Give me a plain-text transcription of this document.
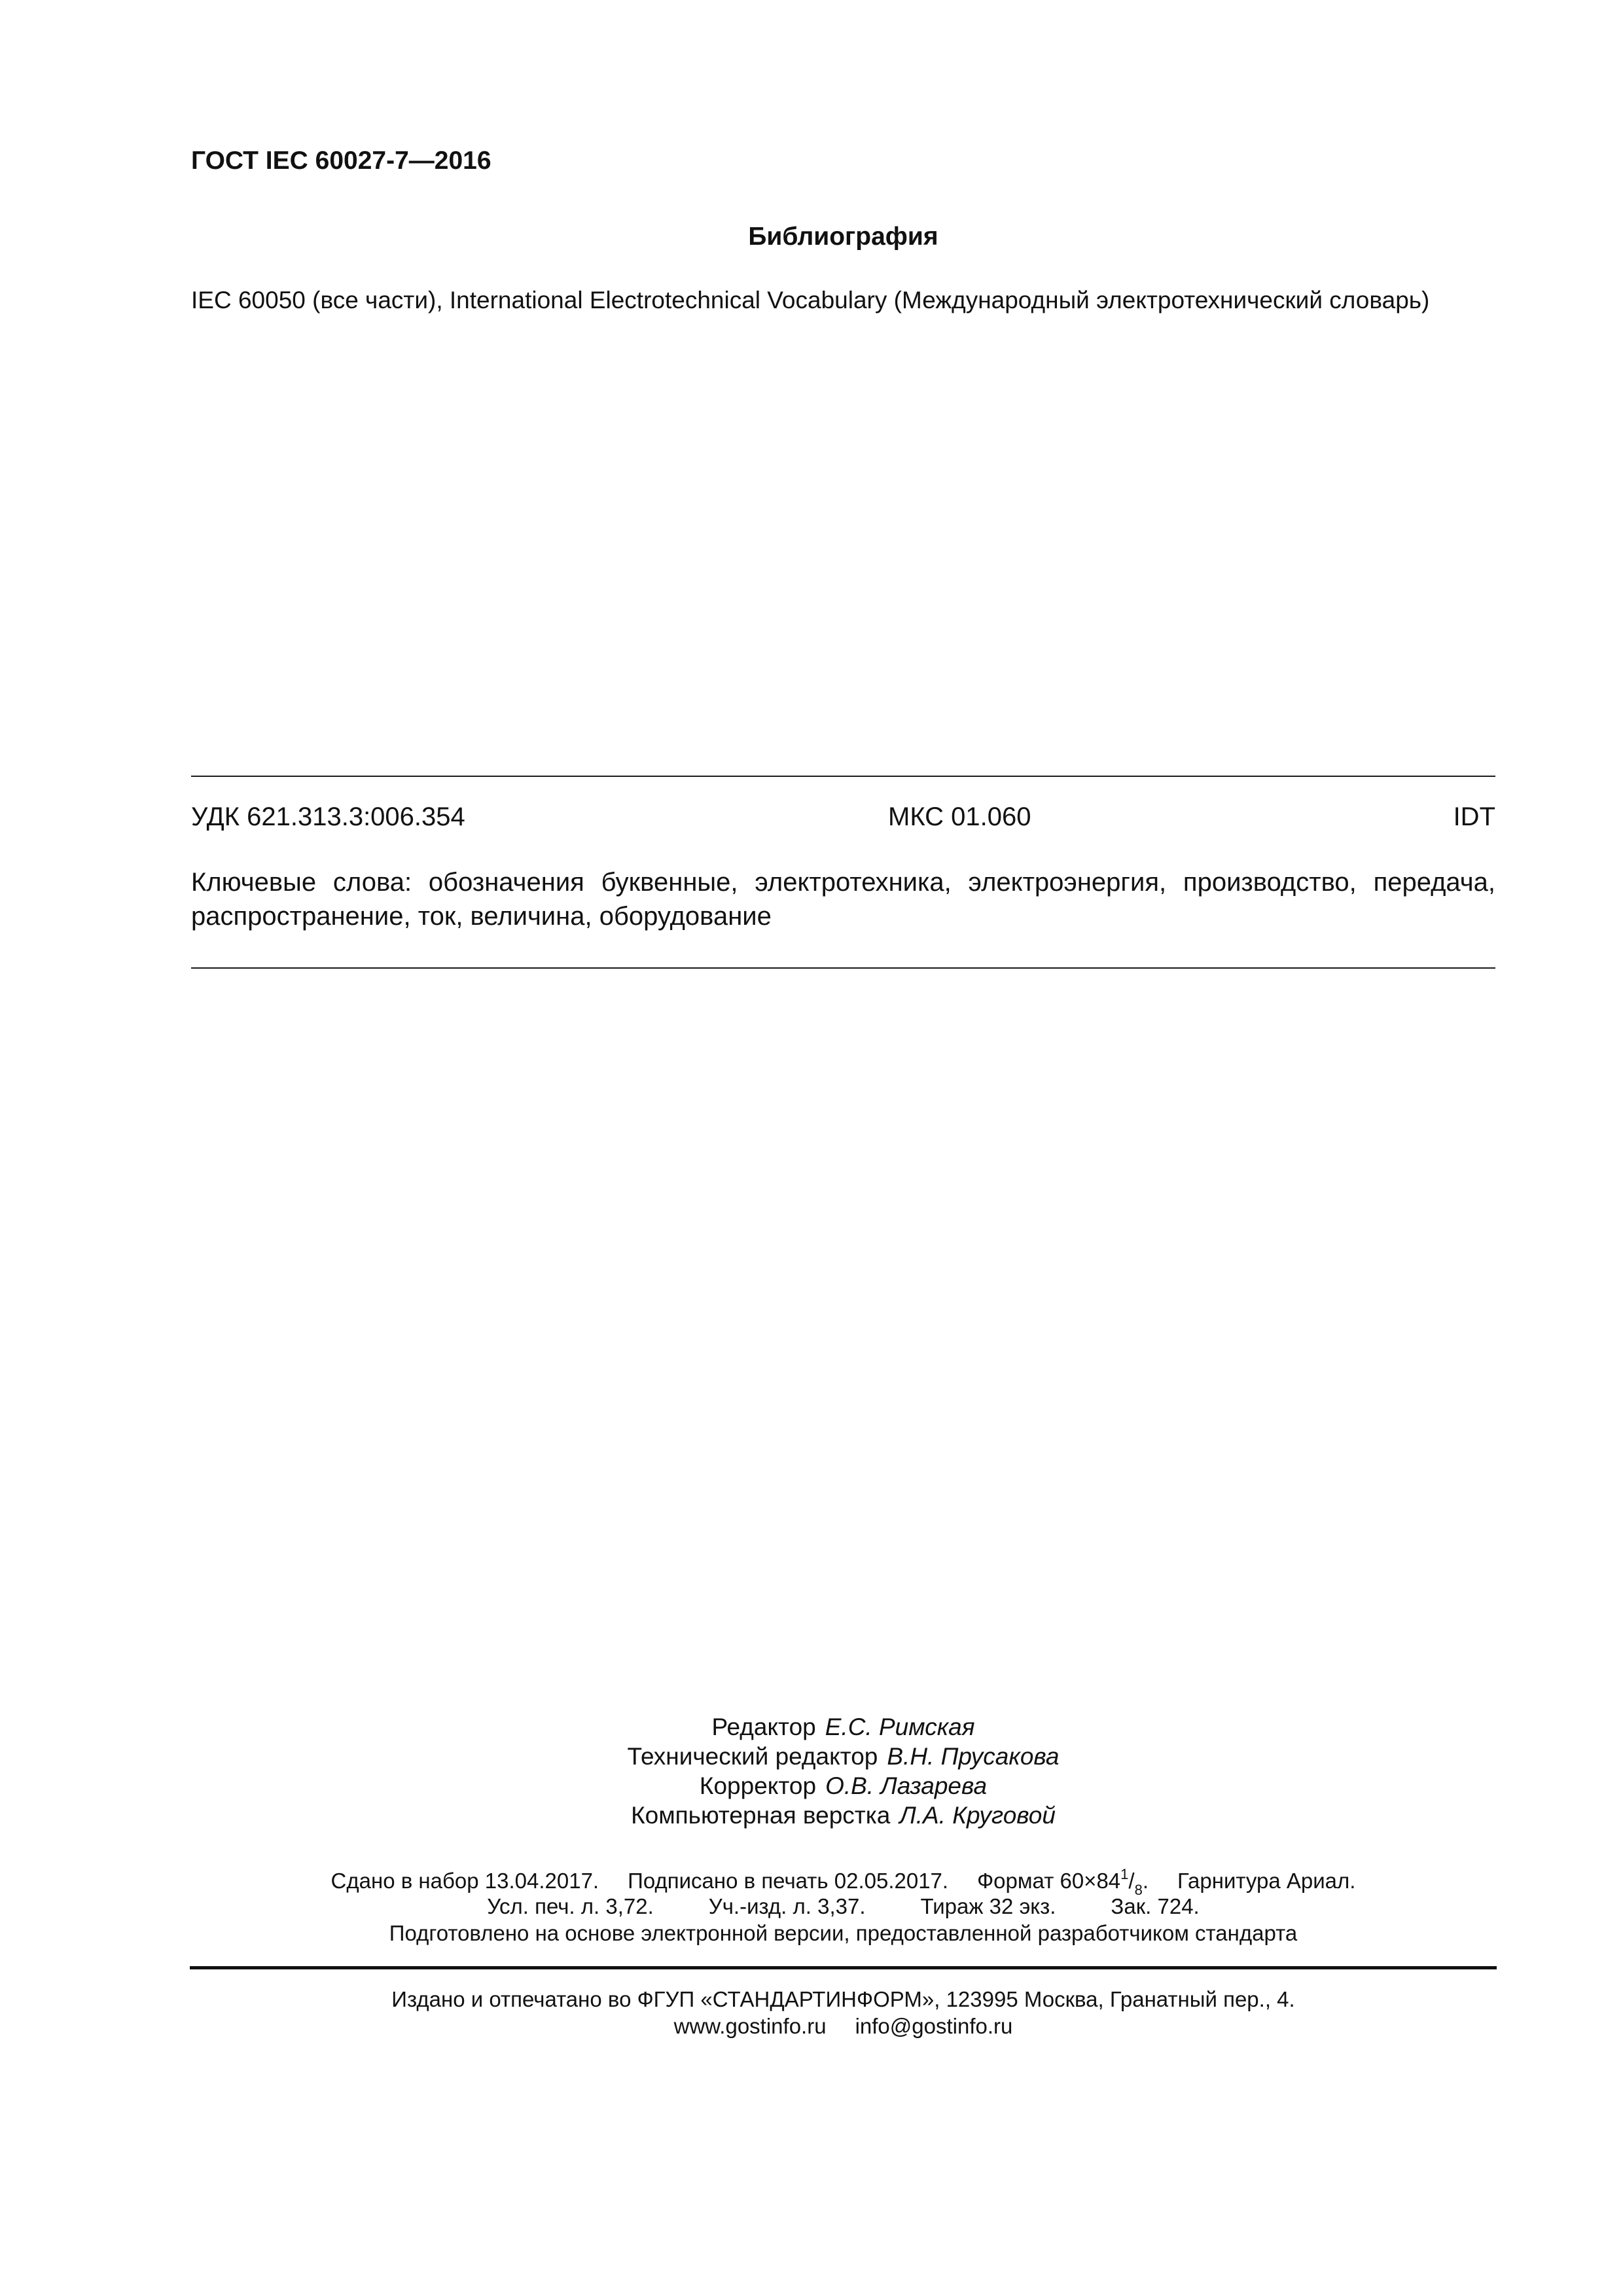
ГОСТ IEC 60027-7—2016
Библиография
IEC 60050 (все части), International Electrotechnical Vocabulary (Международный электротехнический словарь)
УДК 621.313.3:006.354	МКС 01.060	IDT
Ключевые слова: обозначения буквенные, электротехника, электроэнергия, производство, передача,
распространение, ток, величина, оборудование
Редактор Е.С. Римская
Технический редактор В.Н. Прусакова
Корректор О.В. Лазарева
Компьютерная верстка Л.А. Круговой
Сдано в набор 13.04.2017. Подписано в печать 02.05.2017. Формат $60\times 84^1/_8$. Гарнитура Ариал.
Усл. печ. л. 3,72.	Уч.-изд. л. 3,37.	Тираж 32 экз.	Зак. 724.
Подготовлено на основе электронной версии, предоставленной разработчиком стандарта
Издано и отпечатано во ФГУП «СТАНДАРТИНФОРМ», 123995 Москва, Гранатный пер., 4.
www.gostinfo.ru info@gostinfo.ru
